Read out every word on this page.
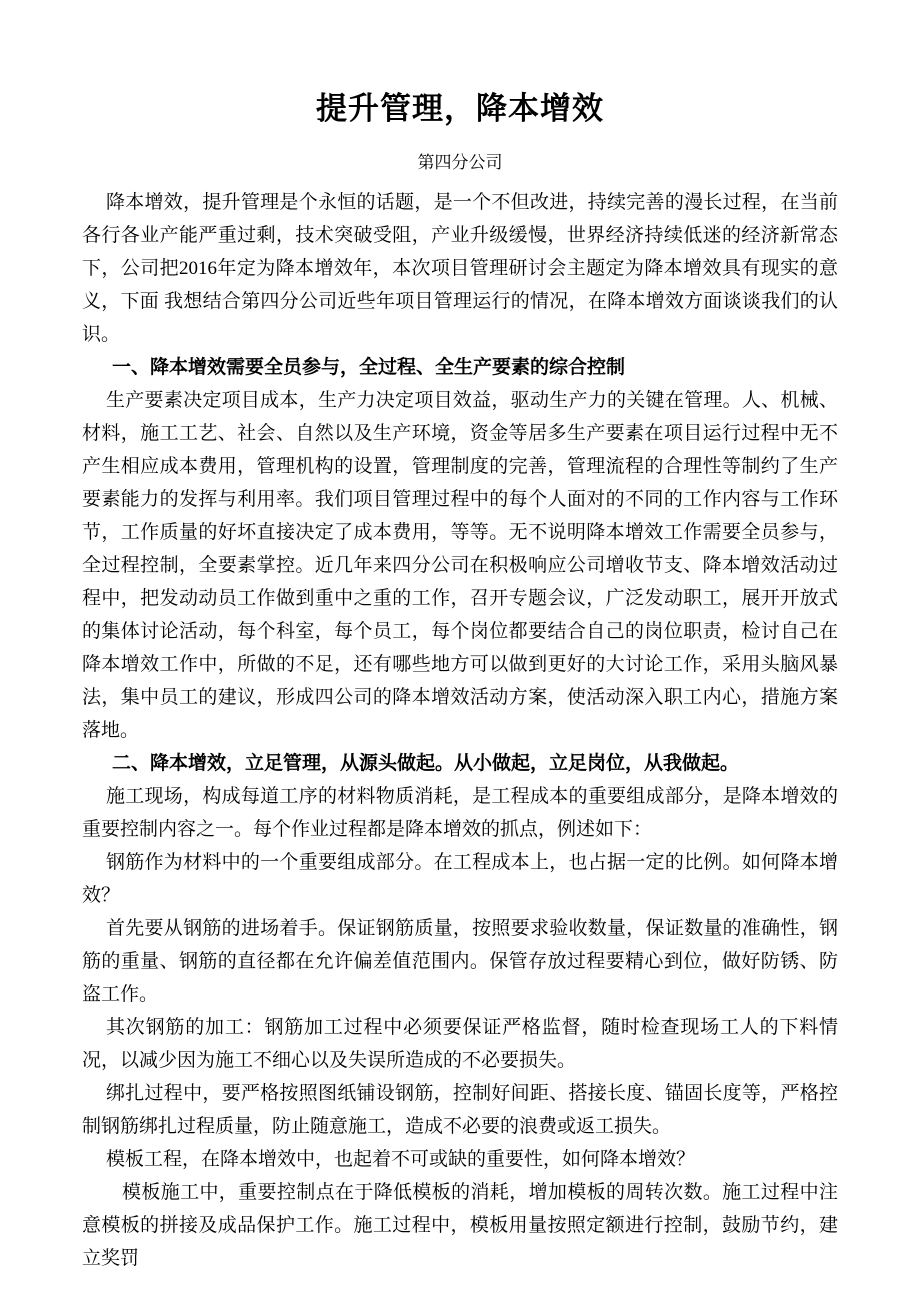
提升管理，降本增效
第四分公司

降本增效，提升管理是个永恒的话题，是一个不但改进，持续完善的漫长过程，在当前各行各业产能严重过剩，技术突破受阻，产业升级缓慢，世界经济持续低迷的经济新常态下，公司把2016年定为降本增效年，本次项目管理研讨会主题定为降本增效具有现实的意义，下面 我想结合第四分公司近些年项目管理运行的情况，在降本增效方面谈谈我们的认识。

一、降本增效需要全员参与，全过程、全生产要素的综合控制

生产要素决定项目成本，生产力决定项目效益，驱动生产力的关键在管理。人、机械、材料，施工工艺、社会、自然以及生产环境，资金等居多生产要素在项目运行过程中无不产生相应成本费用，管理机构的设置，管理制度的完善，管理流程的合理性等制约了生产要素能力的发挥与利用率。我们项目管理过程中的每个人面对的不同的工作内容与工作环节，工作质量的好坏直接决定了成本费用，等等。无不说明降本增效工作需要全员参与，全过程控制，全要素掌控。近几年来四分公司在积极响应公司增收节支、降本增效活动过程中，把发动动员工作做到重中之重的工作，召开专题会议，广泛发动职工，展开开放式的集体讨论活动，每个科室，每个员工，每个岗位都要结合自己的岗位职责，检讨自己在降本增效工作中，所做的不足，还有哪些地方可以做到更好的大讨论工作，采用头脑风暴法，集中员工的建议，形成四公司的降本增效活动方案，使活动深入职工内心，措施方案落地。

二、降本增效，立足管理，从源头做起。从小做起，立足岗位，从我做起。

施工现场，构成每道工序的材料物质消耗，是工程成本的重要组成部分，是降本增效的重要控制内容之一。每个作业过程都是降本增效的抓点，例述如下：

钢筋作为材料中的一个重要组成部分。在工程成本上，也占据一定的比例。如何降本增效？

首先要从钢筋的进场着手。保证钢筋质量，按照要求验收数量，保证数量的准确性，钢筋的重量、钢筋的直径都在允许偏差值范围内。保管存放过程要精心到位，做好防锈、防盗工作。

其次钢筋的加工：钢筋加工过程中必须要保证严格监督，随时检查现场工人的下料情况，以减少因为施工不细心以及失误所造成的不必要损失。

绑扎过程中，要严格按照图纸铺设钢筋，控制好间距、搭接长度、锚固长度等，严格控制钢筋绑扎过程质量，防止随意施工，造成不必要的浪费或返工损失。

模板工程，在降本增效中，也起着不可或缺的重要性，如何降本增效？

模板施工中，重要控制点在于降低模板的消耗，增加模板的周转次数。施工过程中注意模板的拼接及成品保护工作。施工过程中，模板用量按照定额进行控制，鼓励节约，建立奖罚
